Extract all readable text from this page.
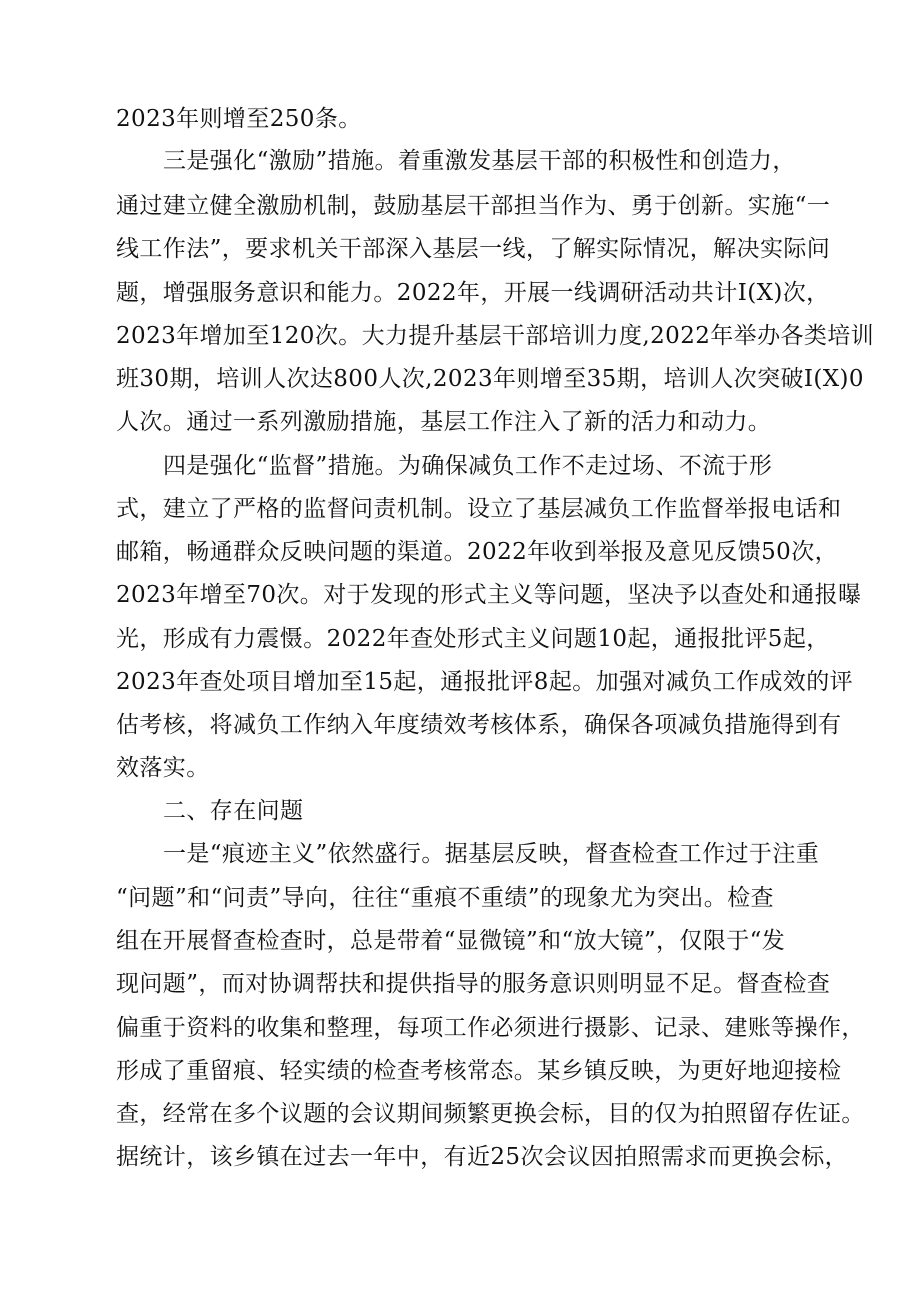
2023年则增至250条。
三是强化“激励”措施。着重激发基层干部的积极性和创造力，
通过建立健全激励机制，鼓励基层干部担当作为、勇于创新。实施“一
线工作法”，要求机关干部深入基层一线，了解实际情况，解决实际问
题，增强服务意识和能力。2022年，开展一线调研活动共计I(X)次，
2023年增加至120次。大力提升基层干部培训力度,2022年举办各类培训
班30期，培训人次达800人次,2023年则增至35期，培训人次突破I(X)0
人次。通过一系列激励措施，基层工作注入了新的活力和动力。
四是强化“监督”措施。为确保减负工作不走过场、不流于形
式，建立了严格的监督问责机制。设立了基层减负工作监督举报电话和
邮箱，畅通群众反映问题的渠道。2022年收到举报及意见反馈50次，
2023年增至70次。对于发现的形式主义等问题，坚决予以查处和通报曝
光，形成有力震慑。2022年查处形式主义问题10起，通报批评5起，
2023年查处项目增加至15起，通报批评8起。加强对减负工作成效的评
估考核，将减负工作纳入年度绩效考核体系，确保各项减负措施得到有
效落实。
二、存在问题
一是“痕迹主义”依然盛行。据基层反映，督查检查工作过于注重
“问题”和“问责”导向，往往“重痕不重绩”的现象尤为突出。检查
组在开展督查检查时，总是带着“显微镜”和“放大镜”，仅限于“发
现问题”，而对协调帮扶和提供指导的服务意识则明显不足。督查检查
偏重于资料的收集和整理，每项工作必须进行摄影、记录、建账等操作，
形成了重留痕、轻实绩的检查考核常态。某乡镇反映，为更好地迎接检
查，经常在多个议题的会议期间频繁更换会标，目的仅为拍照留存佐证。
据统计，该乡镇在过去一年中，有近25次会议因拍照需求而更换会标，
